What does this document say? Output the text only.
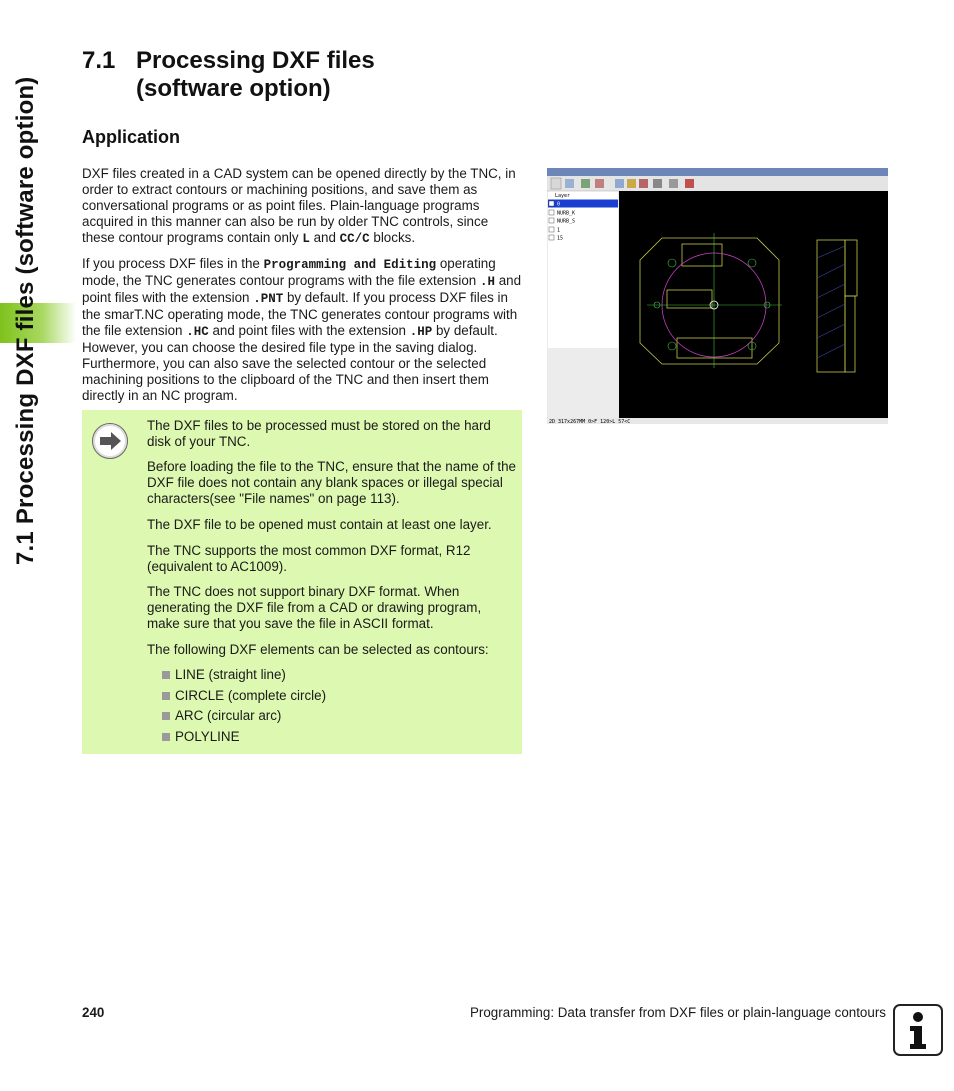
7.1 Processing DXF files (software option)
7.1 Processing DXF files
(software option)
Application

DXF files created in a CAD system can be opened directly by the TNC, in order to extract contours or machining positions, and save them as conversational programs or as point files. Plain-language programs acquired in this manner can also be run by older TNC controls, since these contour programs contain only L and CC/C blocks.

If you process DXF files in the Programming and Editing operating mode, the TNC generates contour programs with the file extension .H and point files with the extension .PNT by default. If you process DXF files in the smarT.NC operating mode, the TNC generates contour programs with the file extension .HC and point files with the extension .HP by default. However, you can choose the desired file type in the saving dialog. Furthermore, you can also save the selected contour or the selected machining positions to the clipboard of the TNC and then insert them directly in an NC program.

The DXF files to be processed must be stored on the hard disk of your TNC.

Before loading the file to the TNC, ensure that the name of the DXF file does not contain any blank spaces or illegal special characters(see "File names" on page 113).

The DXF file to be opened must contain at least one layer.

The TNC supports the most common DXF format, R12 (equivalent to AC1009).

The TNC does not support binary DXF format. When generating the DXF file from a CAD or drawing program, make sure that you save the file in ASCII format.

The following DXF elements can be selected as contours:

LINE (straight line)
CIRCLE (complete circle)
ARC (circular arc)
POLYLINE
Layer
0
NURB_K
NURB_S
1
15
2D 317x267MM 0>F 120>L 57<C
240	Programming: Data transfer from DXF files or plain-language contours
